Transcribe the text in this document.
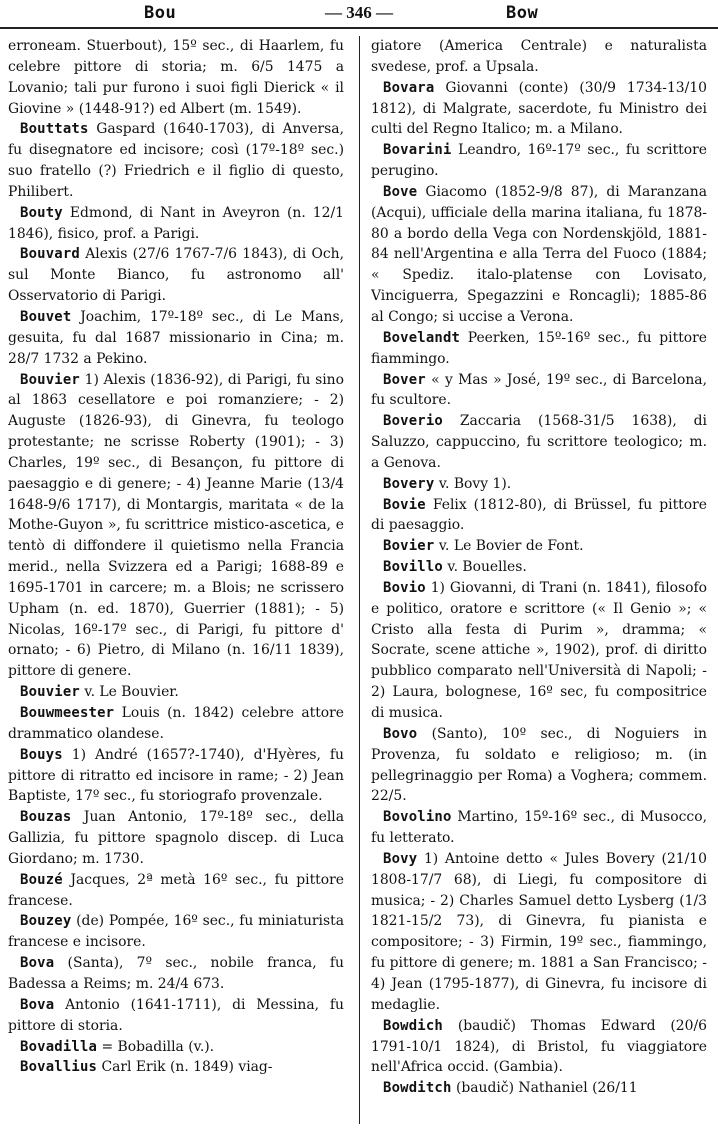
Bou	— 346 —	Bow

erroneam. Stuerbout), 15º sec., di Haarlem, fu celebre pittore di storia; m. 6/5 1475 a Lovanio; tali pur furono i suoi figli Dierick « il Giovine » (1448-91?) ed Albert (m. 1549).

Bouttats Gaspard (1640-1703), di Anversa, fu disegnatore ed incisore; così (17º-18º sec.) suo fratello (?) Friedrich e il figlio di questo, Philibert.

Bouty Edmond, di Nant in Aveyron (n. 12/1 1846), fisico, prof. a Parigi.

Bouvard Alexis (27/6 1767-7/6 1843), di Och, sul Monte Bianco, fu astronomo all' Osservatorio di Parigi.

Bouvet Joachim, 17º-18º sec., di Le Mans, gesuita, fu dal 1687 missionario in Cina; m. 28/7 1732 a Pekino.

Bouvier 1) Alexis (1836-92), di Parigi, fu sino al 1863 cesellatore e poi romanziere; - 2) Auguste (1826-93), di Ginevra, fu teologo protestante; ne scrisse Roberty (1901); - 3) Charles, 19º sec., di Besançon, fu pittore di paesaggio e di genere; - 4) Jeanne Marie (13/4 1648-9/6 1717), di Montargis, maritata « de la Mothe-Guyon », fu scrittrice mistico-ascetica, e tentò di diffondere il quietismo nella Francia merid., nella Svizzera ed a Parigi; 1688-89 e 1695-1701 in carcere; m. a Blois; ne scrissero Upham (n. ed. 1870), Guerrier (1881); - 5) Nicolas, 16º-17º sec., di Parigi, fu pittore d' ornato; - 6) Pietro, di Milano (n. 16/11 1839), pittore di genere.

Bouvier v. Le Bouvier.

Bouwmeester Louis (n. 1842) celebre attore drammatico olandese.

Bouys 1) André (1657?-1740), d'Hyères, fu pittore di ritratto ed incisore in rame; - 2) Jean Baptiste, 17º sec., fu storiografo provenzale.

Bouzas Juan Antonio, 17º-18º sec., della Gallizia, fu pittore spagnolo discep. di Luca Giordano; m. 1730.

Bouzé Jacques, 2ª metà 16º sec., fu pittore francese.

Bouzey (de) Pompée, 16º sec., fu miniaturista francese e incisore.

Bova (Santa), 7º sec., nobile franca, fu Badessa a Reims; m. 24/4 673.

Bova Antonio (1641-1711), di Messina, fu pittore di storia.

Bovadilla = Bobadilla (v.).

Bovallius Carl Erik (n. 1849) viag-

giatore (America Centrale) e naturalista svedese, prof. a Upsala.

Bovara Giovanni (conte) (30/9 1734-13/10 1812), di Malgrate, sacerdote, fu Ministro dei culti del Regno Italico; m. a Milano.

Bovarini Leandro, 16º-17º sec., fu scrittore perugino.

Bove Giacomo (1852-9/8 87), di Maranzana (Acqui), ufficiale della marina italiana, fu 1878-80 a bordo della Vega con Nordenskjöld, 1881-84 nell'Argentina e alla Terra del Fuoco (1884; « Spediz. italo-platense con Lovisato, Vinciguerra, Spegazzini e Roncagli); 1885-86 al Congo; si uccise a Verona.

Bovelandt Peerken, 15º-16º sec., fu pittore fiammingo.

Bover « y Mas » José, 19º sec., di Barcelona, fu scultore.

Boverio Zaccaria (1568-31/5 1638), di Saluzzo, cappuccino, fu scrittore teologico; m. a Genova.

Bovery v. Bovy 1).

Bovie Felix (1812-80), di Brüssel, fu pittore di paesaggio.

Bovier v. Le Bovier de Font.

Bovillo v. Bouelles.

Bovio 1) Giovanni, di Trani (n. 1841), filosofo e politico, oratore e scrittore (« Il Genio »; « Cristo alla festa di Purim », dramma; « Socrate, scene attiche », 1902), prof. di diritto pubblico comparato nell'Università di Napoli; - 2) Laura, bolognese, 16º sec, fu compositrice di musica.

Bovo (Santo), 10º sec., di Noguiers in Provenza, fu soldato e religioso; m. (in pellegrinaggio per Roma) a Voghera; commem. 22/5.

Bovolino Martino, 15º-16º sec., di Musocco, fu letterato.

Bovy 1) Antoine detto « Jules Bovery (21/10 1808-17/7 68), di Liegi, fu compositore di musica; - 2) Charles Samuel detto Lysberg (1/3 1821-15/2 73), di Ginevra, fu pianista e compositore; - 3) Firmin, 19º sec., fiammingo, fu pittore di genere; m. 1881 a San Francisco; - 4) Jean (1795-1877), di Ginevra, fu incisore di medaglie.

Bowdich (baudič) Thomas Edward (20/6 1791-10/1 1824), di Bristol, fu viaggiatore nell'Africa occid. (Gambia).

Bowditch (baudič) Nathaniel (26/11
